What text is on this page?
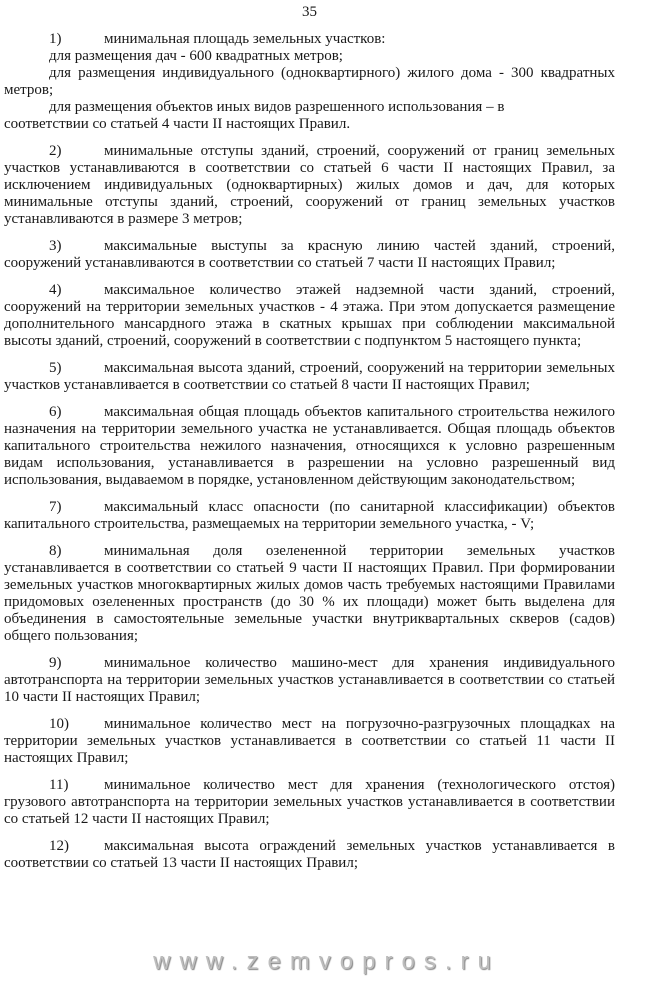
35

1)	минимальная площадь земельных участков:

для размещения дач - 600 квадратных метров;

для размещения индивидуального (одноквартирного) жилого дома - 300 квадратных метров;

для размещения объектов иных видов разрешенного использования – в
соответствии со статьей 4 части II настоящих Правил.

2)	минимальные отступы зданий, строений, сооружений от границ земельных участков устанавливаются в соответствии со статьей 6 части II настоящих Правил, за исключением индивидуальных (одноквартирных) жилых домов и дач, для которых минимальные отступы зданий, строений, сооружений от границ земельных участков устанавливаются в размере 3 метров;

3)	максимальные выступы за красную линию частей зданий, строений, сооружений устанавливаются в соответствии со статьей 7 части II настоящих Правил;

4)	максимальное количество этажей надземной части зданий, строений, сооружений на территории земельных участков - 4 этажа. При этом допускается размещение дополнительного мансардного этажа в скатных крышах при соблюдении максимальной высоты зданий, строений, сооружений в соответствии с подпунктом 5 настоящего пункта;

5)	максимальная высота зданий, строений, сооружений на территории земельных участков устанавливается в соответствии со статьей 8 части II настоящих Правил;

6)	максимальная общая площадь объектов капитального строительства нежилого назначения на территории земельного участка не устанавливается. Общая площадь объектов капитального строительства нежилого назначения, относящихся к условно разрешенным видам использования, устанавливается в разрешении на условно разрешенный вид использования, выдаваемом в порядке, установленном действующим законодательством;

7)	максимальный класс опасности (по санитарной классификации) объектов капитального строительства, размещаемых на территории земельного участка, - V;

8)	минимальная доля озелененной территории земельных участков устанавливается в соответствии со статьей 9 части II настоящих Правил. При формировании земельных участков многоквартирных жилых домов часть требуемых настоящими Правилами придомовых озелененных пространств (до 30 % их площади) может быть выделена для объединения в самостоятельные земельные участки внутриквартальных скверов (садов) общего пользования;

9)	минимальное количество машино-мест для хранения индивидуального автотранспорта на территории земельных участков устанавливается в соответствии со статьей 10 части II настоящих Правил;

10) минимальное количество мест на погрузочно-разгрузочных площадках на территории земельных участков устанавливается в соответствии со статьей 11 части II настоящих Правил;

11) минимальное количество мест для хранения (технологического отстоя) грузового автотранспорта на территории земельных участков устанавливается в соответствии со статьей 12 части II настоящих Правил;

12) максимальная высота ограждений земельных участков устанавливается в соответствии со статьей 13 части II настоящих Правил;

www.zemvopros.ru
